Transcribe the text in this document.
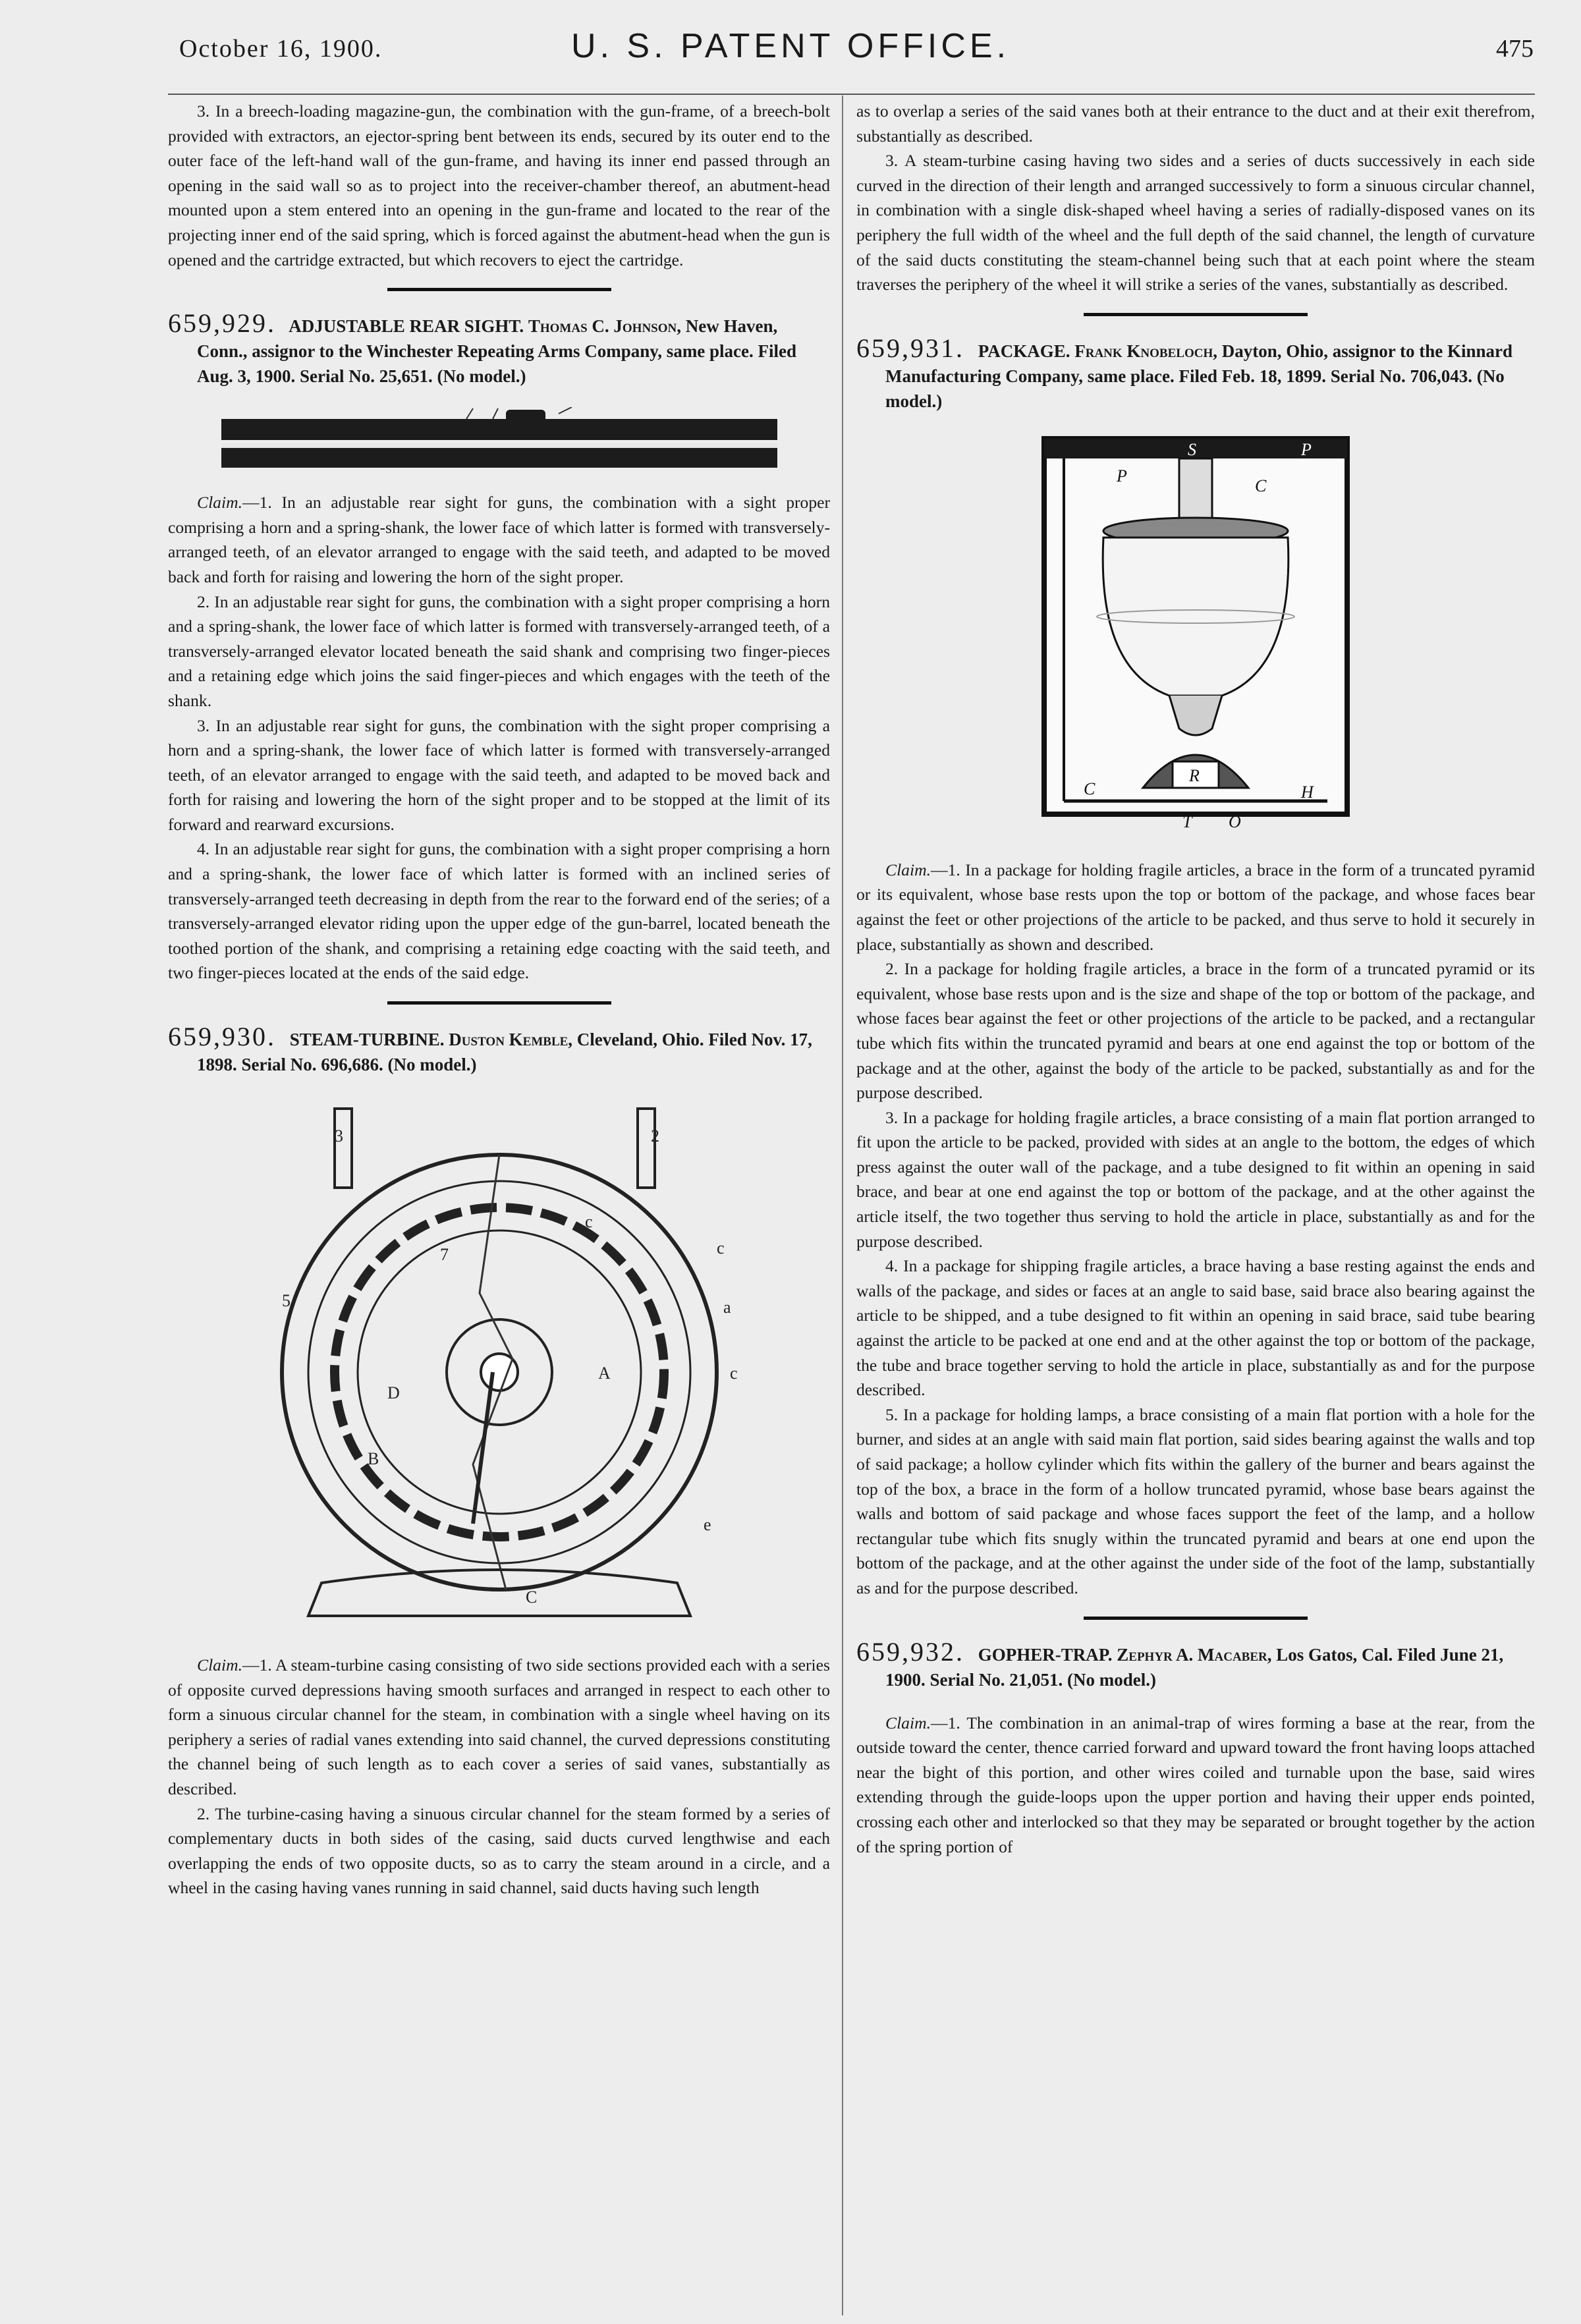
October 16, 1900.	U. S. PATENT OFFICE.	475

3. In a breech-loading magazine-gun, the combination with the gun-frame, of a breech-bolt provided with extractors, an ejector-spring bent between its ends, secured by its outer end to the outer face of the left-hand wall of the gun-frame, and having its inner end passed through an opening in the said wall so as to project into the receiver-chamber thereof, an abutment-head mounted upon a stem entered into an opening in the gun-frame and located to the rear of the projecting inner end of the said spring, which is forced against the abutment-head when the gun is opened and the cartridge extracted, but which recovers to eject the cartridge.

659,929. ADJUSTABLE REAR SIGHT. Thomas C. Johnson, New Haven, Conn., assignor to the Winchester Repeating Arms Company, same place. Filed Aug. 3, 1900. Serial No. 25,651. (No model.)

Claim.—1. In an adjustable rear sight for guns, the combination with a sight proper comprising a horn and a spring-shank, the lower face of which latter is formed with transversely-arranged teeth, of an elevator arranged to engage with the said teeth, and adapted to be moved back and forth for raising and lowering the horn of the sight proper.

2. In an adjustable rear sight for guns, the combination with a sight proper comprising a horn and a spring-shank, the lower face of which latter is formed with transversely-arranged teeth, of a transversely-arranged elevator located beneath the said shank and comprising two finger-pieces and a retaining edge which joins the said finger-pieces and which engages with the teeth of the shank.

3. In an adjustable rear sight for guns, the combination with the sight proper comprising a horn and a spring-shank, the lower face of which latter is formed with transversely-arranged teeth, of an elevator arranged to engage with the said teeth, and adapted to be moved back and forth for raising and lowering the horn of the sight proper and to be stopped at the limit of its forward and rearward excursions.

4. In an adjustable rear sight for guns, the combination with a sight proper comprising a horn and a spring-shank, the lower face of which latter is formed with an inclined series of transversely-arranged teeth decreasing in depth from the rear to the forward end of the series; of a transversely-arranged elevator riding upon the upper edge of the gun-barrel, located beneath the toothed portion of the shank, and comprising a retaining edge coacting with the said teeth, and two finger-pieces located at the ends of the said edge.

659,930. STEAM-TURBINE. Duston Kemble, Cleveland, Ohio. Filed Nov. 17, 1898. Serial No. 696,686. (No model.)
3	2
c
a
c
5
7
A
D
B
e
c
C

Claim.—1. A steam-turbine casing consisting of two side sections provided each with a series of opposite curved depressions having smooth surfaces and arranged in respect to each other to form a sinuous circular channel for the steam, in combination with a single wheel having on its periphery a series of radial vanes extending into said channel, the curved depressions constituting the channel being of such length as to each cover a series of said vanes, substantially as described.

2. The turbine-casing having a sinuous circular channel for the steam formed by a series of complementary ducts in both sides of the casing, said ducts curved lengthwise and each overlapping the ends of two opposite ducts, so as to carry the steam around in a circle, and a wheel in the casing having vanes running in said channel, said ducts having such length

as to overlap a series of the said vanes both at their entrance to the duct and at their exit therefrom, substantially as described.

3. A steam-turbine casing having two sides and a series of ducts successively in each side curved in the direction of their length and arranged successively to form a sinuous circular channel, in combination with a single disk-shaped wheel having a series of radially-disposed vanes on its periphery the full width of the wheel and the full depth of the said channel, the length of curvature of the said ducts constituting the steam-channel being such that at each point where the steam traverses the periphery of the wheel it will strike a series of the vanes, substantially as described.

659,931. PACKAGE. Frank Knobeloch, Dayton, Ohio, assignor to the Kinnard Manufacturing Company, same place. Filed Feb. 18, 1899. Serial No. 706,043. (No model.)
P
S	P
C
R
C
T O
H

Claim.—1. In a package for holding fragile articles, a brace in the form of a truncated pyramid or its equivalent, whose base rests upon the top or bottom of the package, and whose faces bear against the feet or other projections of the article to be packed, and thus serve to hold it securely in place, substantially as shown and described.

2. In a package for holding fragile articles, a brace in the form of a truncated pyramid or its equivalent, whose base rests upon and is the size and shape of the top or bottom of the package, and whose faces bear against the feet or other projections of the article to be packed, and a rectangular tube which fits within the truncated pyramid and bears at one end against the top or bottom of the package and at the other, against the body of the article to be packed, substantially as and for the purpose described.

3. In a package for holding fragile articles, a brace consisting of a main flat portion arranged to fit upon the article to be packed, provided with sides at an angle to the bottom, the edges of which press against the outer wall of the package, and a tube designed to fit within an opening in said brace, and bear at one end against the top or bottom of the package, and at the other against the article itself, the two together thus serving to hold the article in place, substantially as and for the purpose described.

4. In a package for shipping fragile articles, a brace having a base resting against the ends and walls of the package, and sides or faces at an angle to said base, said brace also bearing against the article to be shipped, and a tube designed to fit within an opening in said brace, said tube bearing against the article to be packed at one end and at the other against the top or bottom of the package, the tube and brace together serving to hold the article in place, substantially as and for the purpose described.

5. In a package for holding lamps, a brace consisting of a main flat portion with a hole for the burner, and sides at an angle with said main flat portion, said sides bearing against the walls and top of said package; a hollow cylinder which fits within the gallery of the burner and bears against the top of the box, a brace in the form of a hollow truncated pyramid, whose base bears against the walls and bottom of said package and whose faces support the feet of the lamp, and a hollow rectangular tube which fits snugly within the truncated pyramid and bears at one end upon the bottom of the package, and at the other against the under side of the foot of the lamp, substantially as and for the purpose described.

659,932. GOPHER-TRAP. Zephyr A. Macaber, Los Gatos, Cal. Filed June 21, 1900. Serial No. 21,051. (No model.)

Claim.—1. The combination in an animal-trap of wires forming a base at the rear, from the outside toward the center, thence carried forward and upward toward the front having loops attached near the bight of this portion, and other wires coiled and turnable upon the base, said wires extending through the guide-loops upon the upper portion and having their upper ends pointed, crossing each other and interlocked so that they may be separated or brought together by the action of the spring portion of
